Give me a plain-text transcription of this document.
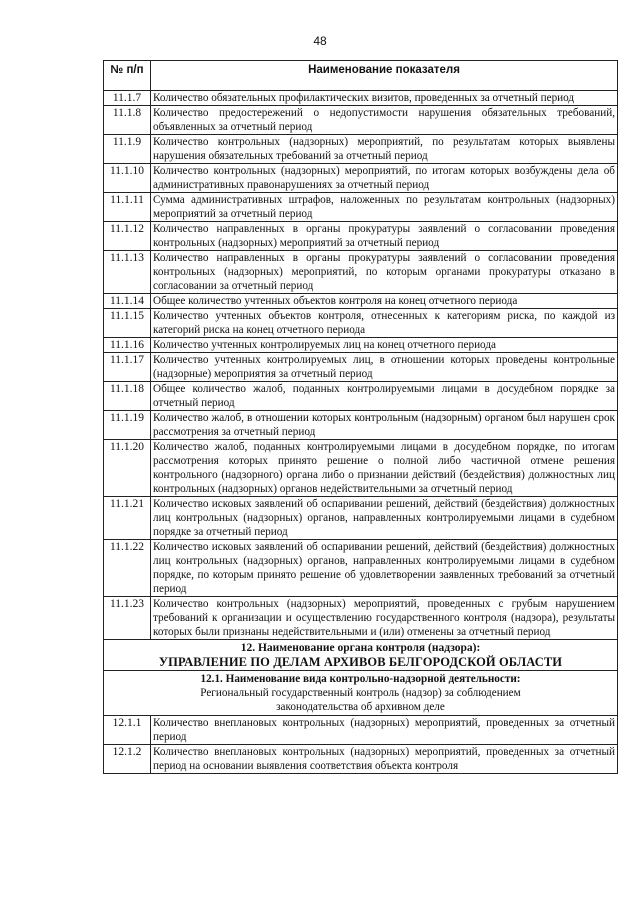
48
№ п/п	Наименование показателя
11.1.7	Количество обязательных профилактических визитов, проведенных за отчетный период
11.1.8	Количество предостережений о недопустимости нарушения обязательных требований, объявленных за отчетный период
11.1.9	Количество контрольных (надзорных) мероприятий, по результатам которых выявлены нарушения обязательных требований за отчетный период
11.1.10	Количество контрольных (надзорных) мероприятий, по итогам которых возбуждены дела об административных правонарушениях за отчетный период
11.1.11	Сумма административных штрафов, наложенных по результатам контрольных (надзорных) мероприятий за отчетный период
11.1.12	Количество направленных в органы прокуратуры заявлений о согласовании проведения контрольных (надзорных) мероприятий за отчетный период
11.1.13	Количество направленных в органы прокуратуры заявлений о согласовании проведения контрольных (надзорных) мероприятий, по которым органами прокуратуры отказано в согласовании за отчетный период
11.1.14	Общее количество учтенных объектов контроля на конец отчетного периода
11.1.15	Количество учтенных объектов контроля, отнесенных к категориям риска, по каждой из категорий риска на конец отчетного периода
11.1.16	Количество учтенных контролируемых лиц на конец отчетного периода
11.1.17	Количество учтенных контролируемых лиц, в отношении которых проведены контрольные (надзорные) мероприятия за отчетный период
11.1.18	Общее количество жалоб, поданных контролируемыми лицами в досудебном порядке за отчетный период
11.1.19	Количество жалоб, в отношении которых контрольным (надзорным) органом был нарушен срок рассмотрения за отчетный период
11.1.20	Количество жалоб, поданных контролируемыми лицами в досудебном порядке, по итогам рассмотрения которых принято решение о полной либо частичной отмене решения контрольного (надзорного) органа либо о признании действий (бездействия) должностных лиц контрольных (надзорных) органов недействительными за отчетный период
11.1.21	Количество исковых заявлений об оспаривании решений, действий (бездействия) должностных лиц контрольных (надзорных) органов, направленных контролируемыми лицами в судебном порядке за отчетный период
11.1.22	Количество исковых заявлений об оспаривании решений, действий (бездействия) должностных лиц контрольных (надзорных) органов, направленных контролируемыми лицами в судебном порядке, по которым принято решение об удовлетворении заявленных требований за отчетный период
11.1.23	Количество контрольных (надзорных) мероприятий, проведенных с грубым нарушением требований к организации и осуществлению государственного контроля (надзора), результаты которых были признаны недействительными и (или) отменены за отчетный период

12. Наименование органа контроля (надзора):
УПРАВЛЕНИЕ ПО ДЕЛАМ АРХИВОВ БЕЛГОРОДСКОЙ ОБЛАСТИ	

12.1. Наименование вида контрольно-надзорной деятельности:
Региональный государственный контроль (надзор) за соблюдением законодательства об архивном деле	

12.1.1	Количество внеплановых контрольных (надзорных) мероприятий, проведенных за отчетный период
12.1.2	Количество внеплановых контрольных (надзорных) мероприятий, проведенных за отчетный период на основании выявления соответствия объекта контроля
